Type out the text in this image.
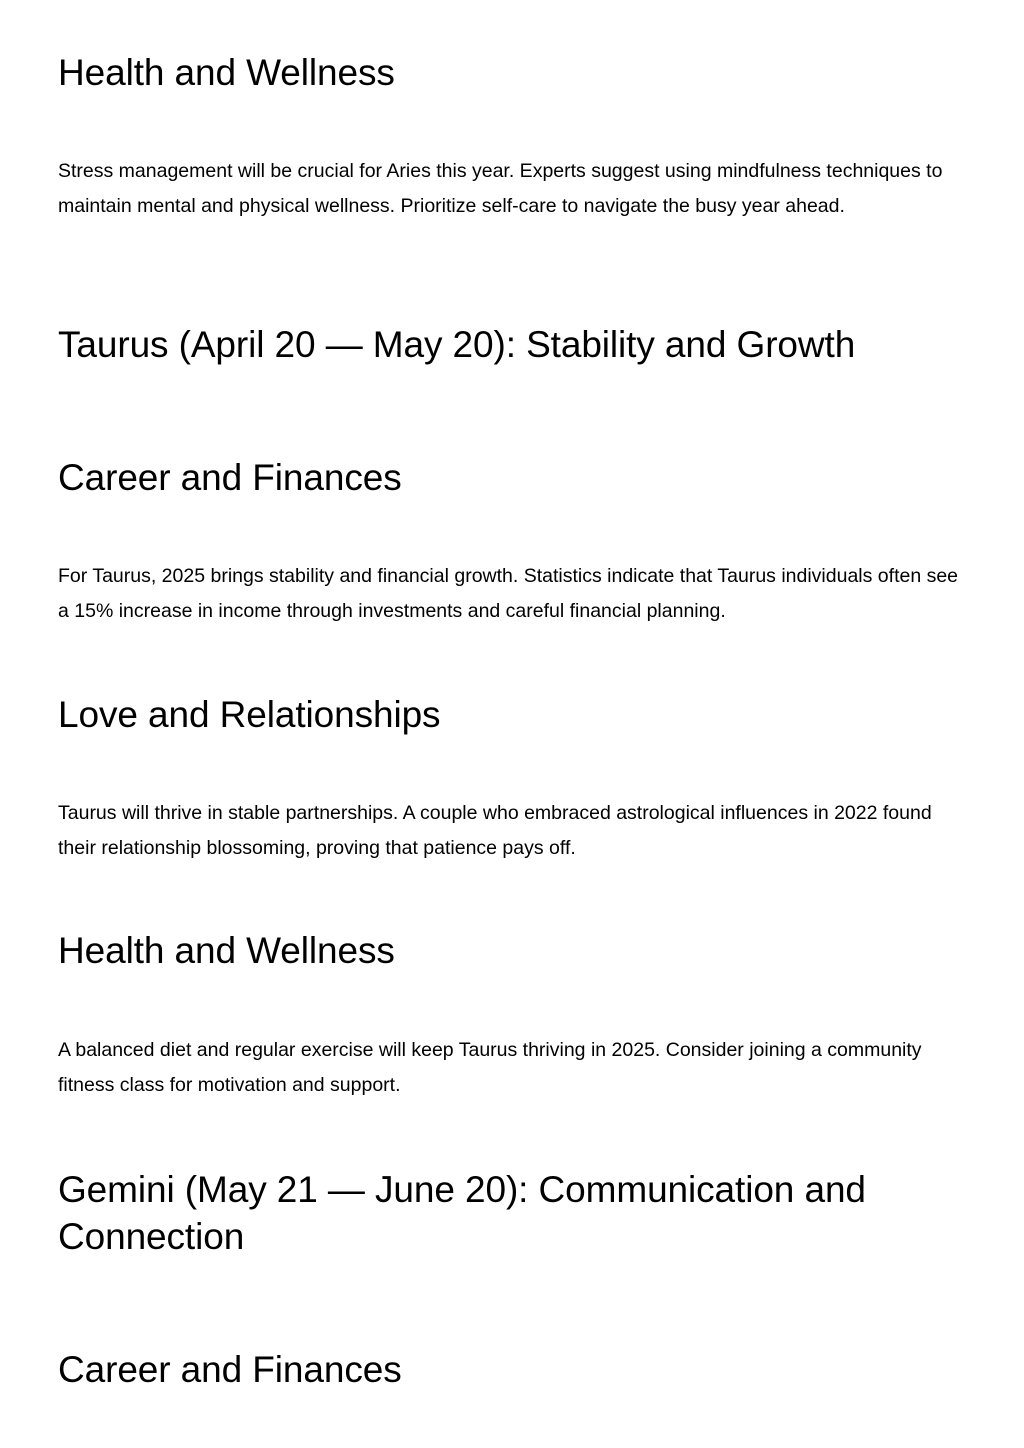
Health and Wellness

Stress management will be crucial for Aries this year. Experts suggest using mindfulness techniques to maintain mental and physical wellness. Prioritize self-care to navigate the busy year ahead.

Taurus (April 20 — May 20): Stability and Growth
Career and Finances

For Taurus, 2025 brings stability and financial growth. Statistics indicate that Taurus individuals often see a 15% increase in income through investments and careful financial planning.

Love and Relationships

Taurus will thrive in stable partnerships. A couple who embraced astrological influences in 2022 found their relationship blossoming, proving that patience pays off.

Health and Wellness

A balanced diet and regular exercise will keep Taurus thriving in 2025. Consider joining a community fitness class for motivation and support.

Gemini (May 21 — June 20): Communication and Connection
Career and Finances
